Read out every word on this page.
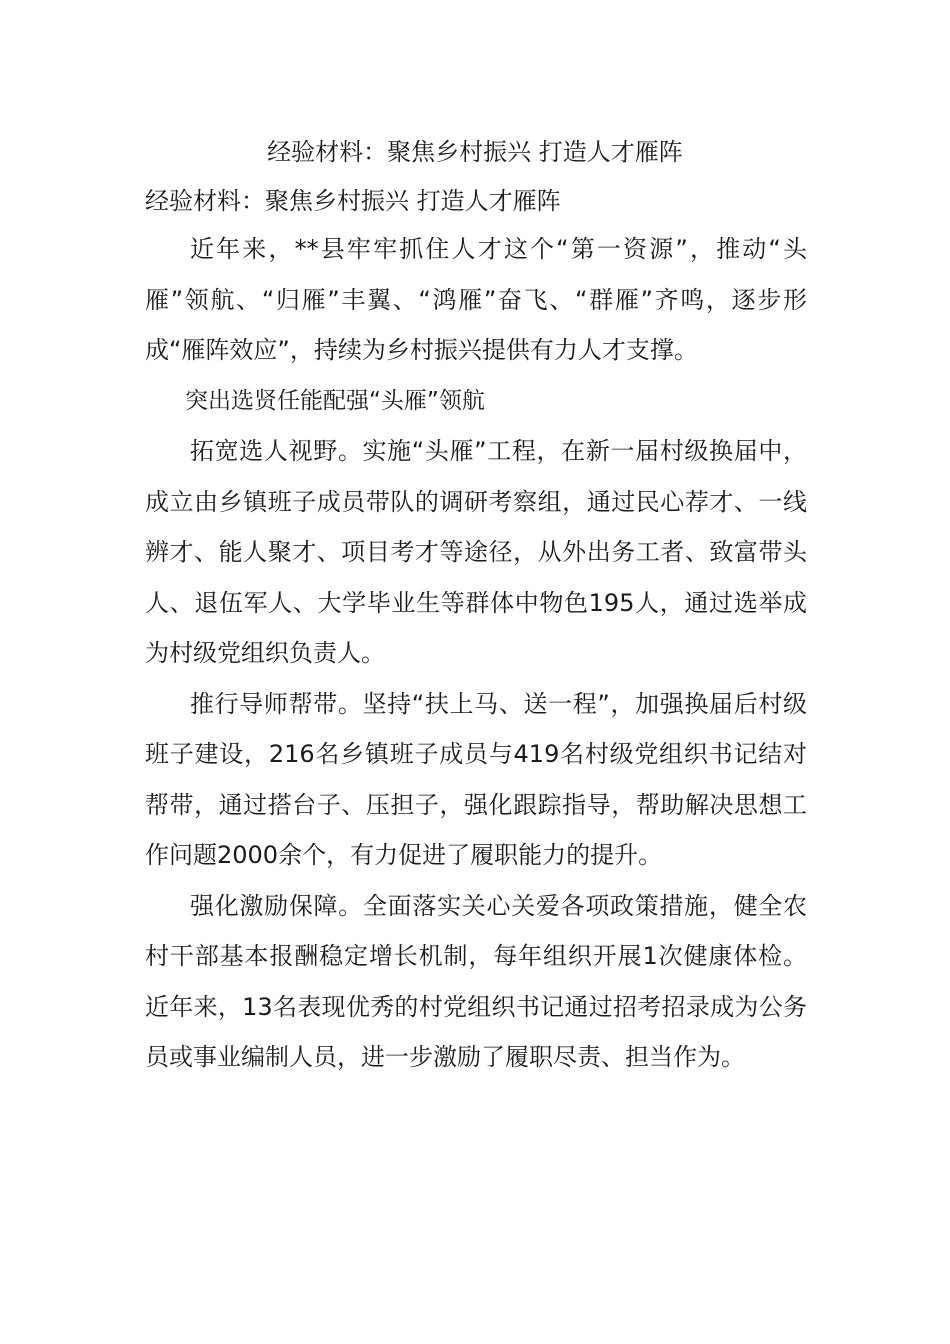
经验材料：聚焦乡村振兴 打造人才雁阵
经验材料：聚焦乡村振兴 打造人才雁阵

近年来，**县牢牢抓住人才这个“第一资源”，推动“头雁”领航、“归雁”丰翼、“鸿雁”奋飞、“群雁”齐鸣，逐步形成“雁阵效应”，持续为乡村振兴提供有力人才支撑。

突出选贤任能配强“头雁”领航

拓宽选人视野。实施“头雁”工程，在新一届村级换届中，成立由乡镇班子成员带队的调研考察组，通过民心荐才、一线辨才、能人聚才、项目考才等途径，从外出务工者、致富带头人、退伍军人、大学毕业生等群体中物色195人，通过选举成为村级党组织负责人。

推行导师帮带。坚持“扶上马、送一程”，加强换届后村级班子建设，216名乡镇班子成员与419名村级党组织书记结对帮带，通过搭台子、压担子，强化跟踪指导，帮助解决思想工作问题2000余个，有力促进了履职能力的提升。

强化激励保障。全面落实关心关爱各项政策措施，健全农村干部基本报酬稳定增长机制，每年组织开展1次健康体检。近年来，13名表现优秀的村党组织书记通过招考招录成为公务员或事业编制人员，进一步激励了履职尽责、担当作为。
